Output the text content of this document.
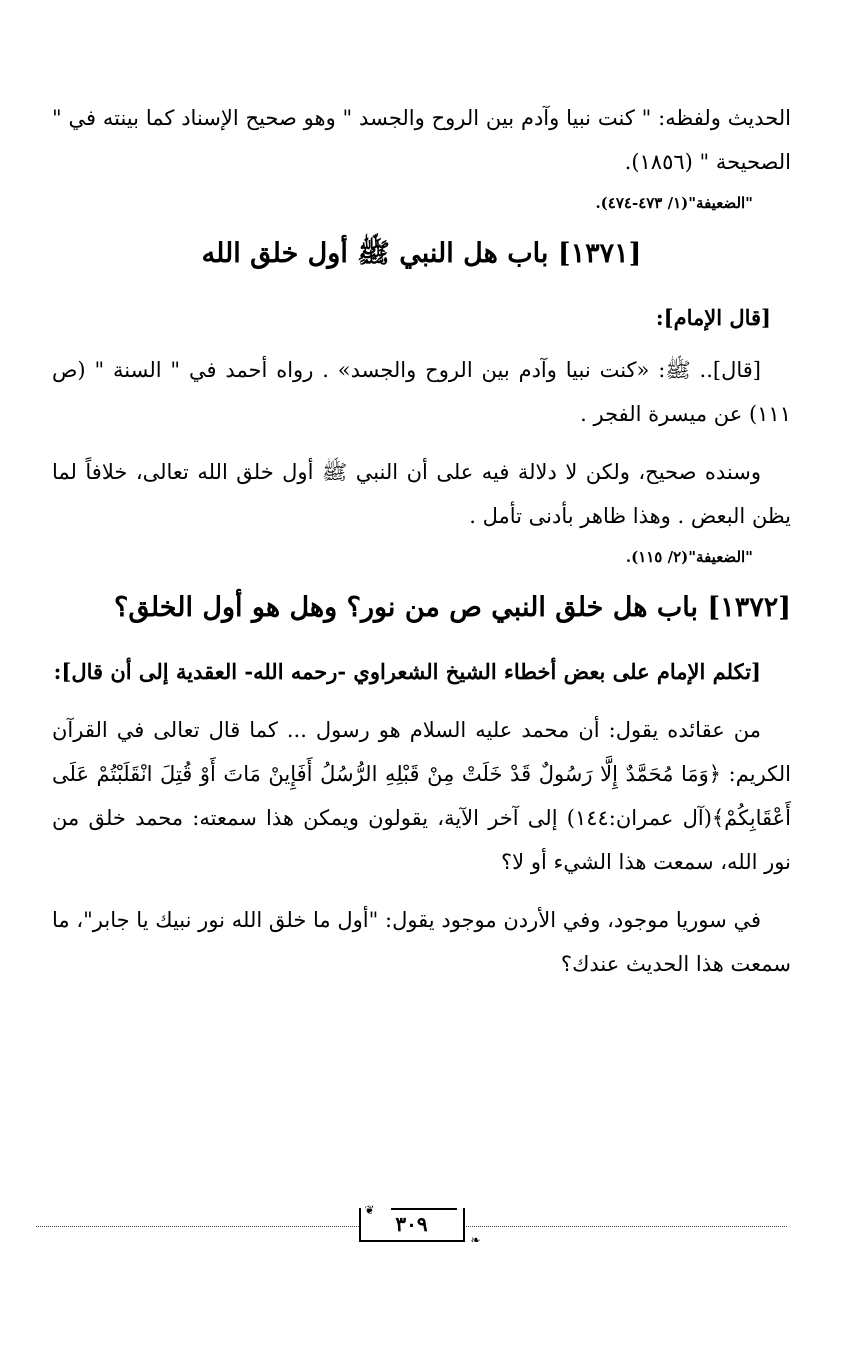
الحديث ولفظه: " كنت نبيا وآدم بين الروح والجسد " وهو صحيح الإسناد كما بينته في " الصحيحة " (١٨٥٦).

"الضعيفة"(١/ ٤٧٣-٤٧٤).

[١٣٧١] باب هل النبي ﷺ أول خلق الله

[قال الإمام]:

[قال].. ﷺ: «كنت نبيا وآدم بين الروح والجسد» . رواه أحمد في " السنة " (ص ١١١) عن ميسرة الفجر .

وسنده صحيح، ولكن لا دلالة فيه على أن النبي ﷺ أول خلق الله تعالى، خلافاً لما يظن البعض . وهذا ظاهر بأدنى تأمل .

"الضعيفة"(٢/ ١١٥).

[١٣٧٢] باب هل خلق النبي ص من نور؟ وهل هو أول الخلق؟

[تكلم الإمام على بعض أخطاء الشيخ الشعراوي -رحمه الله- العقدية إلى أن قال]:

من عقائده يقول: أن محمد عليه السلام هو رسول ... كما قال تعالى في القرآن الكريم: ﴿وَمَا مُحَمَّدٌ إِلَّا رَسُولٌ قَدْ خَلَتْ مِنْ قَبْلِهِ الرُّسُلُ أَفَإِينْ مَاتَ أَوْ قُتِلَ انْقَلَبْتُمْ عَلَى أَعْقَابِكُمْ﴾(آل عمران:١٤٤) إلى آخر الآية، يقولون ويمكن هذا سمعته: محمد خلق من نور الله، سمعت هذا الشيء أو لا؟

في سوريا موجود، وفي الأردن موجود يقول: "أول ما خلق الله نور نبيك يا جابر"، ما سمعت هذا الحديث عندك؟

❦
٣٠٩
❧
